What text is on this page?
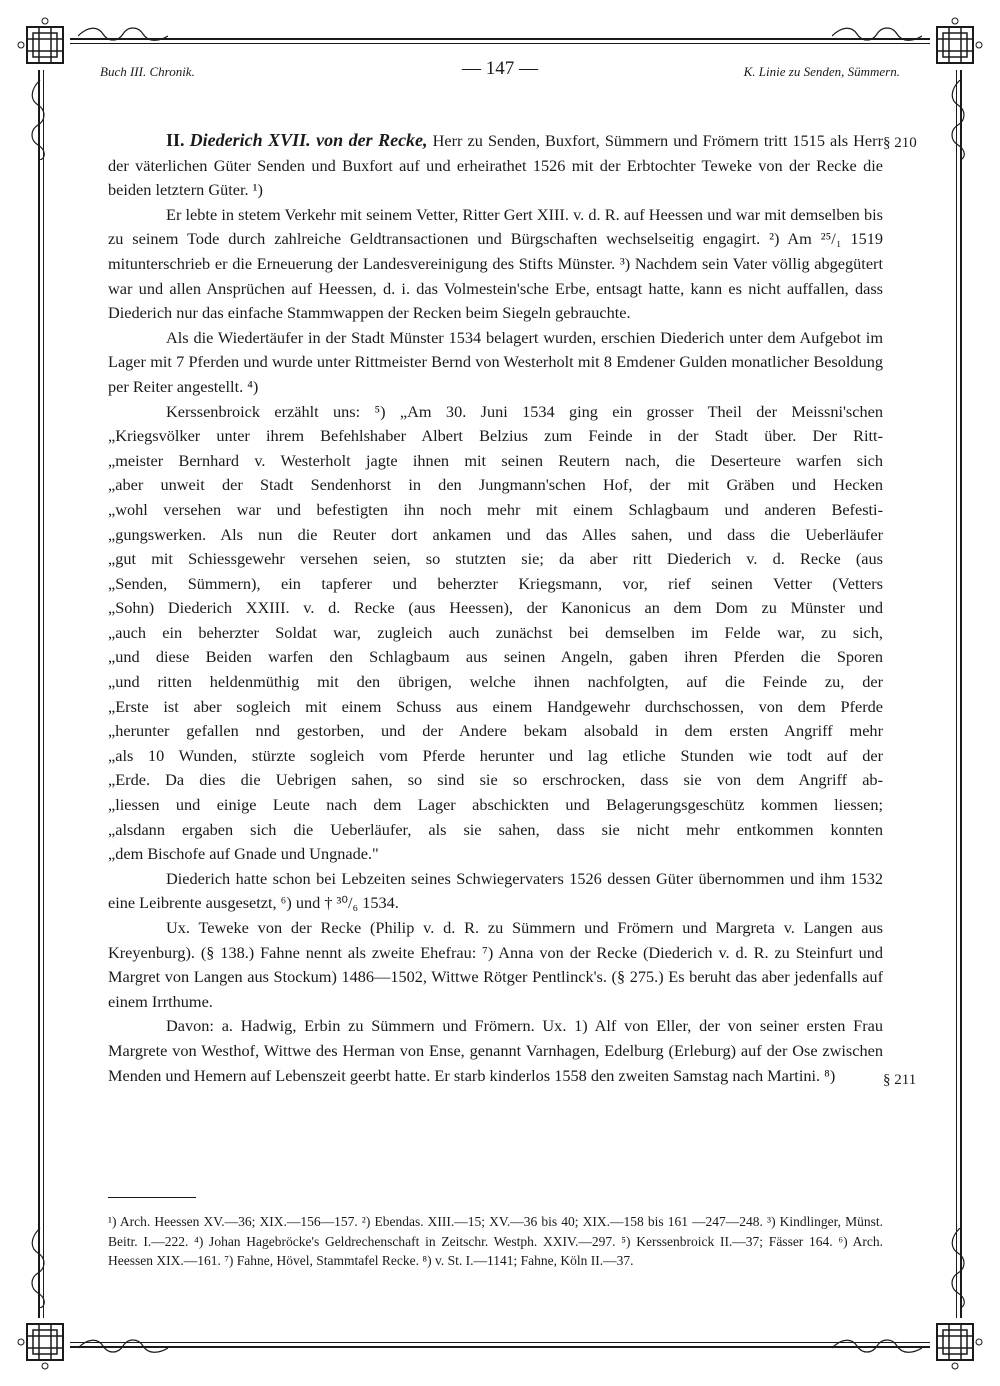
Buch III. Chronik.	— 147 —	K. Linie zu Senden, Sümmern.
§ 210
§ 211

II. Diederich XVII. von der Recke, Herr zu Senden, Buxfort, Sümmern und Frömern tritt 1515 als Herr der väterlichen Güter Senden und Buxfort auf und erheirathet 1526 mit der Erbtochter Teweke von der Recke die beiden letztern Güter. ¹)

Er lebte in stetem Verkehr mit seinem Vetter, Ritter Gert XIII. v. d. R. auf Heessen und war mit demselben bis zu seinem Tode durch zahlreiche Geldtransactionen und Bürgschaften wechselseitig engagirt. ²) Am ²⁵/₁ 1519 mitunterschrieb er die Erneuerung der Landesvereinigung des Stifts Münster. ³) Nachdem sein Vater völlig abgegütert war und allen Ansprüchen auf Heessen, d. i. das Volmestein'sche Erbe, entsagt hatte, kann es nicht auffallen, dass Diederich nur das einfache Stammwappen der Recken beim Siegeln gebrauchte.

Als die Wiedertäufer in der Stadt Münster 1534 belagert wurden, erschien Diederich unter dem Aufgebot im Lager mit 7 Pferden und wurde unter Rittmeister Bernd von Westerholt mit 8 Emdener Gulden monatlicher Besoldung per Reiter angestellt. ⁴)

Kerssenbroick erzählt uns: ⁵) „Am 30. Juni 1534 ging ein grosser Theil der Meissni'schen
„Kriegsvölker unter ihrem Befehlshaber Albert Belzius zum Feinde in der Stadt über. Der Ritt-
„meister Bernhard v. Westerholt jagte ihnen mit seinen Reutern nach, die Deserteure warfen sich
„aber unweit der Stadt Sendenhorst in den Jungmann'schen Hof, der mit Gräben und Hecken
„wohl versehen war und befestigten ihn noch mehr mit einem Schlagbaum und anderen Befesti-
„gungswerken. Als nun die Reuter dort ankamen und das Alles sahen, und dass die Ueberläufer
„gut mit Schiessgewehr versehen seien, so stutzten sie; da aber ritt Diederich v. d. Recke (aus
„Senden, Sümmern), ein tapferer und beherzter Kriegsmann, vor, rief seinen Vetter (Vetters
„Sohn) Diederich XXIII. v. d. Recke (aus Heessen), der Kanonicus an dem Dom zu Münster und
„auch ein beherzter Soldat war, zugleich auch zunächst bei demselben im Felde war, zu sich,
„und diese Beiden warfen den Schlagbaum aus seinen Angeln, gaben ihren Pferden die Sporen
„und ritten heldenmüthig mit den übrigen, welche ihnen nachfolgten, auf die Feinde zu, der
„Erste ist aber sogleich mit einem Schuss aus einem Handgewehr durchschossen, von dem Pferde
„herunter gefallen nnd gestorben, und der Andere bekam alsobald in dem ersten Angriff mehr
„als 10 Wunden, stürzte sogleich vom Pferde herunter und lag etliche Stunden wie todt auf der
„Erde. Da dies die Uebrigen sahen, so sind sie so erschrocken, dass sie von dem Angriff ab-
„liessen und einige Leute nach dem Lager abschickten und Belagerungsgeschütz kommen liessen;
„alsdann ergaben sich die Ueberläufer, als sie sahen, dass sie nicht mehr entkommen konnten
„dem Bischofe auf Gnade und Ungnade."

Diederich hatte schon bei Lebzeiten seines Schwiegervaters 1526 dessen Güter übernommen und ihm 1532 eine Leibrente ausgesetzt, ⁶) und † ³⁰/₆ 1534.

Ux. Teweke von der Recke (Philip v. d. R. zu Sümmern und Frömern und Margreta v. Langen aus Kreyenburg). (§ 138.) Fahne nennt als zweite Ehefrau: ⁷) Anna von der Recke (Diederich v. d. R. zu Steinfurt und Margret von Langen aus Stockum) 1486—1502, Wittwe Rötger Pentlinck's. (§ 275.) Es beruht das aber jedenfalls auf einem Irrthume.

Davon: a. Hadwig, Erbin zu Sümmern und Frömern. Ux. 1) Alf von Eller, der von seiner ersten Frau Margrete von Westhof, Wittwe des Herman von Ense, genannt Varnhagen, Edelburg (Erleburg) auf der Ose zwischen Menden und Hemern auf Lebenszeit geerbt hatte. Er starb kinderlos 1558 den zweiten Samstag nach Martini. ⁸)

¹) Arch. Heessen XV.—36; XIX.—156—157. ²) Ebendas. XIII.—15; XV.—36 bis 40; XIX.—158 bis 161 —247—248. ³) Kindlinger, Münst. Beitr. I.—222. ⁴) Johan Hagebröcke's Geldrechenschaft in Zeitschr. Westph. XXIV.—297. ⁵) Kerssenbroick II.—37; Fässer 164. ⁶) Arch. Heessen XIX.—161. ⁷) Fahne, Hövel, Stammtafel Recke. ⁸) v. St. I.—1141; Fahne, Köln II.—37.
